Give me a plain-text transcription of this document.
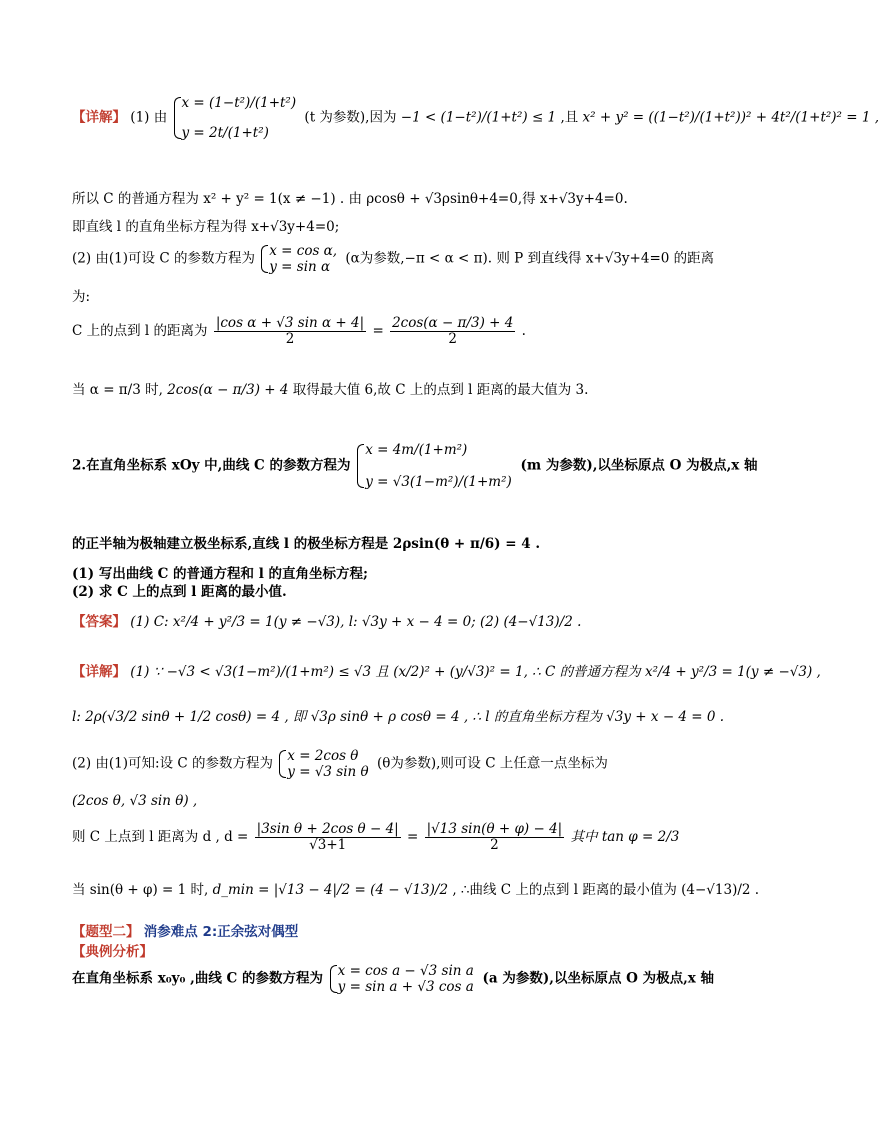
【详解】 (1) 由
x = (1−t²)/(1+t²)
y = 2t/(1+t²)
(t 为参数),因为 −1 < (1−t²)/(1+t²) ≤ 1 ,且 x² + y² = ((1−t²)/(1+t²))² + 4t²/(1+t²)² = 1 ,
所以 C 的普通方程为 x² + y² = 1(x ≠ −1) . 由 ρcosθ + √3ρsinθ+4=0,得 x+√3y+4=0.
即直线 l 的直角坐标方程为得 x+√3y+4=0;
(2) 由(1)可设 C 的参数方程为 x = cos α,
y = sin α
(α为参数,−π < α < π). 则 P 到直线得 x+√3y+4=0 的距离
为:
C 上的点到 l 的距离为 $\frac{\text{|cos α + √3 sin α + 4|}}{2} = \frac{2\cos(\alpha - \pi/3) + 4}{2}$ .
当 α = π/3 时, 2cos(α − π/3) + 4 取得最大值 6,故 C 上的点到 l 距离的最大值为 3.
2.在直角坐标系 xOy 中,曲线 C 的参数方程为
x = 4m/(1+m²)
y = √3(1−m²)/(1+m²)
(m 为参数),以坐标原点 O 为极点,x 轴
的正半轴为极轴建立极坐标系,直线 l 的极坐标方程是 2ρsin(θ + π/6) = 4 .
(1) 写出曲线 C 的普通方程和 l 的直角坐标方程;
(2) 求 C 上的点到 l 距离的最小值.
【答案】 (1) C: x²/4 + y²/3 = 1(y ≠ −√3), l: √3y + x − 4 = 0; (2) (4−√13)/2 .
【详解】 (1) ∵ −√3 < √3(1−m²)/(1+m²) ≤ √3 且 (x/2)² + (y/√3)² = 1, ∴ C 的普通方程为 x²/4 + y²/3 = 1(y ≠ −√3) ,
l: 2ρ(√3/2 sinθ + 1/2 cosθ) = 4 , 即 √3ρ sinθ + ρ cosθ = 4 , ∴ l 的直角坐标方程为 √3y + x − 4 = 0 .
(2) 由(1)可知:设 C 的参数方程为 x = 2cos θ
y = √3 sin θ
(θ为参数),则可设 C 上任意一点坐标为
(2cos θ, √3 sin θ) ,
则 C 上点到 l 距离为 d , $d = \frac{\text{|3sin θ + 2cos θ − 4|}}{√3+1} = \frac{|√13 \sin(\theta + \varphi) - 4|}{2}$ 其中 tan φ = 2/3
当 sin(θ + φ) = 1 时, d_min = |√13 − 4|/2 = (4 − √13)/2 , ∴曲线 C 上的点到 l 距离的最小值为 (4−√13)/2 .
【题型二】 消参难点 2:正余弦对偶型
【典例分析】
在直角坐标系 x₀y₀ ,曲线 C 的参数方程为 x = cos a − √3 sin a
y = sin a + √3 cos a
(a 为参数),以坐标原点 O 为极点,x 轴
